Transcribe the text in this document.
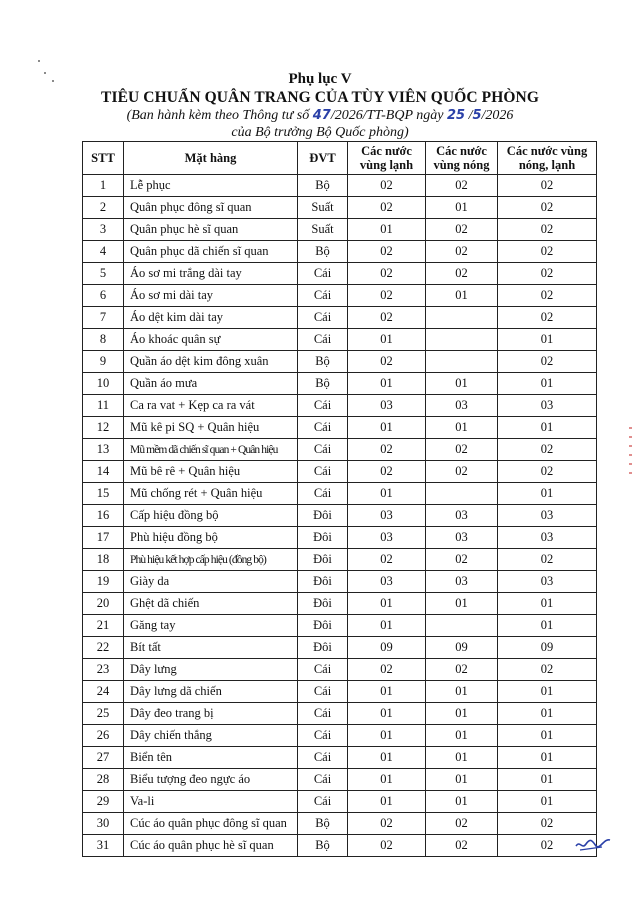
Phụ lục V
TIÊU CHUẨN QUÂN TRANG CỦA TÙY VIÊN QUỐC PHÒNG
(Ban hành kèm theo Thông tư số 47/2026/TT-BQP ngày 25 /5/2026
của Bộ trưởng Bộ Quốc phòng)
STT	Mặt hàng	ĐVT	Các nước vùng lạnh	Các nước vùng nóng	Các nước vùng nóng, lạnh
1	Lễ phục	Bộ	02	02	02
2	Quân phục đông sĩ quan	Suất	02	01	02
3	Quân phục hè sĩ quan	Suất	01	02	02
4	Quân phục dã chiến sĩ quan	Bộ	02	02	02
5	Áo sơ mi trắng dài tay	Cái	02	02	02
6	Áo sơ mi dài tay	Cái	02	01	02
7	Áo dệt kim dài tay	Cái	02		02
8	Áo khoác quân sự	Cái	01		01
9	Quần áo dệt kim đông xuân	Bộ	02		02
10	Quần áo mưa	Bộ	01	01	01
11	Ca ra vat + Kẹp ca ra vát	Cái	03	03	03
12	Mũ kê pi SQ + Quân hiệu	Cái	01	01	01
13	Mũ mềm dã chiến sĩ quan + Quân hiệu	Cái	02	02	02
14	Mũ bê rê + Quân hiệu	Cái	02	02	02
15	Mũ chống rét + Quân hiệu	Cái	01		01
16	Cấp hiệu đồng bộ	Đôi	03	03	03
17	Phù hiệu đồng bộ	Đôi	03	03	03
18	Phù hiệu kết hợp cấp hiệu (đồng bộ)	Đôi	02	02	02
19	Giày da	Đôi	03	03	03
20	Ghệt dã chiến	Đôi	01	01	01
21	Găng tay	Đôi	01		01
22	Bít tất	Đôi	09	09	09
23	Dây lưng	Cái	02	02	02
24	Dây lưng dã chiến	Cái	01	01	01
25	Dây đeo trang bị	Cái	01	01	01
26	Dây chiến thắng	Cái	01	01	01
27	Biển tên	Cái	01	01	01
28	Biểu tượng đeo ngực áo	Cái	01	01	01
29	Va-li	Cái	01	01	01
30	Cúc áo quân phục đông sĩ quan	Bộ	02	02	02
31	Cúc áo quân phục hè sĩ quan	Bộ	02	02	02
